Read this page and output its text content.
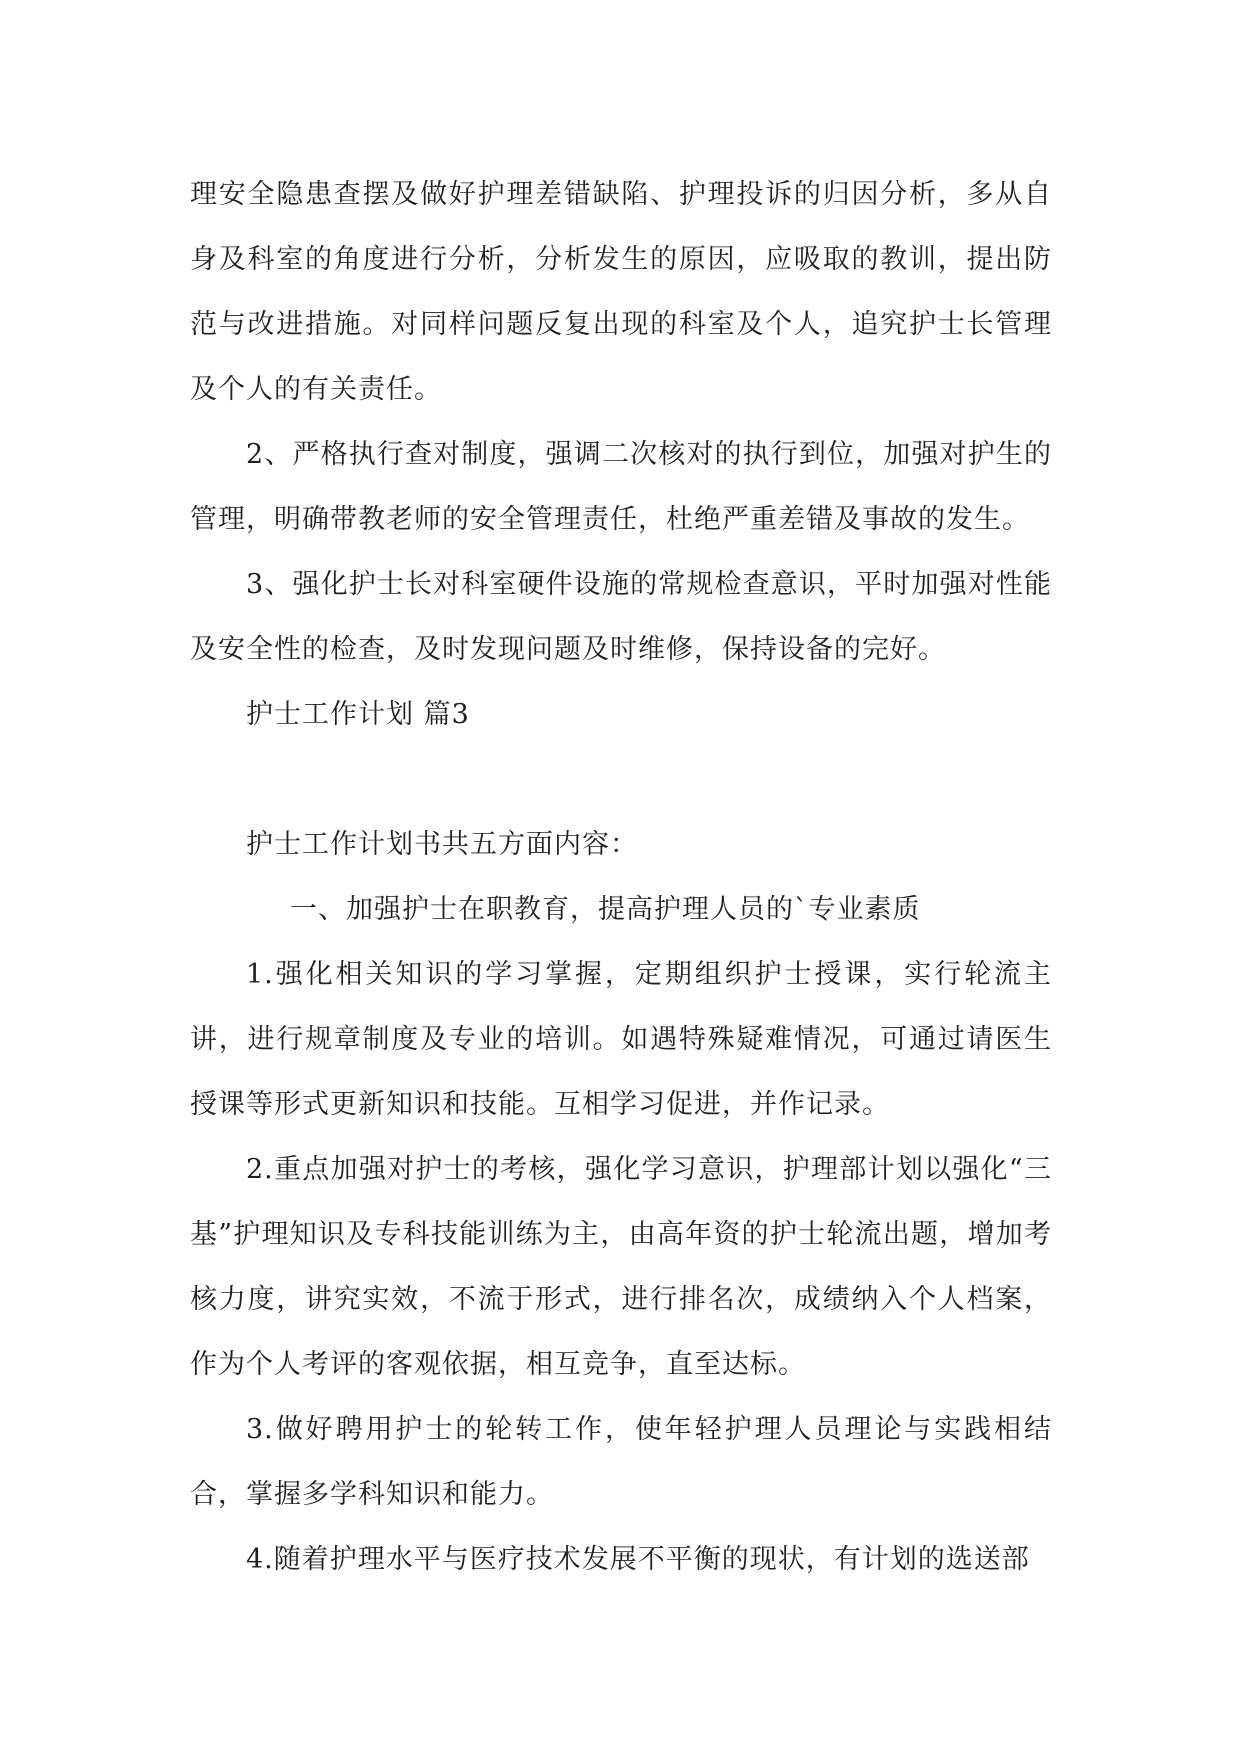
理安全隐患查摆及做好护理差错缺陷、护理投诉的归因分析，多从自身及科室的角度进行分析，分析发生的原因，应吸取的教训，提出防范与改进措施。对同样问题反复出现的科室及个人，追究护士长管理及个人的有关责任。

2、严格执行查对制度，强调二次核对的执行到位，加强对护生的管理，明确带教老师的安全管理责任，杜绝严重差错及事故的发生。

3、强化护士长对科室硬件设施的常规检查意识，平时加强对性能及安全性的检查，及时发现问题及时维修，保持设备的完好。

护士工作计划 篇3

护士工作计划书共五方面内容：

一、加强护士在职教育，提高护理人员的`专业素质

1.强化相关知识的学习掌握，定期组织护士授课，实行轮流主讲，进行规章制度及专业的培训。如遇特殊疑难情况，可通过请医生授课等形式更新知识和技能。互相学习促进，并作记录。

2.重点加强对护士的考核，强化学习意识，护理部计划以强化“三基”护理知识及专科技能训练为主，由高年资的护士轮流出题，增加考核力度，讲究实效，不流于形式，进行排名次，成绩纳入个人档案，作为个人考评的客观依据，相互竞争，直至达标。

3.做好聘用护士的轮转工作，使年轻护理人员理论与实践相结合，掌握多学科知识和能力。

4.随着护理水平与医疗技术发展不平衡的现状，有计划的选送部
